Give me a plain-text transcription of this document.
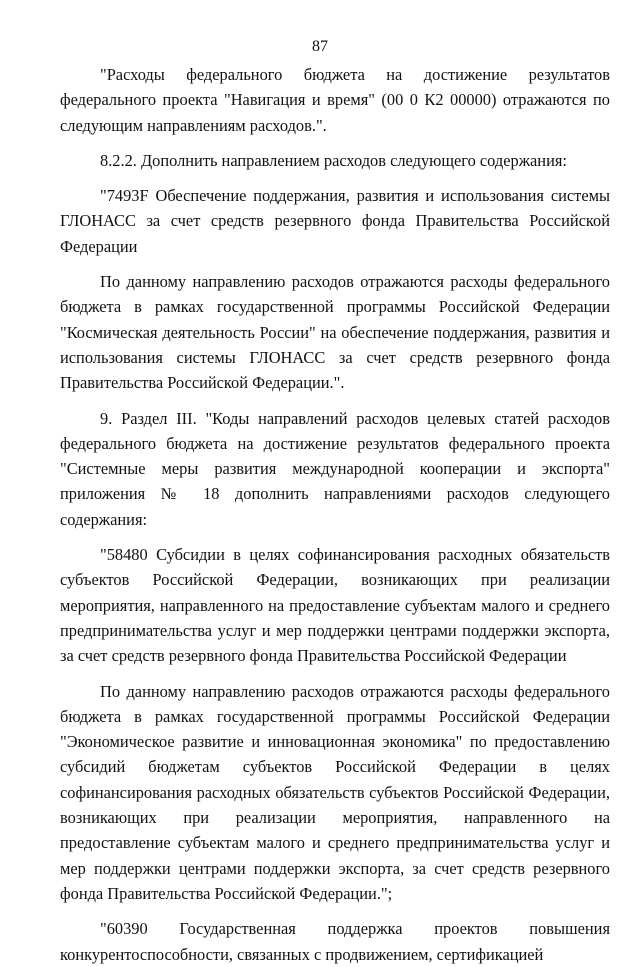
87

"Расходы федерального бюджета на достижение результатов федерального проекта "Навигация и время" (00 0 К2 00000) отражаются по следующим направлениям расходов.".

8.2.2. Дополнить направлением расходов следующего содержания:

"7493F Обеспечение поддержания, развития и использования системы ГЛОНАСС за счет средств резервного фонда Правительства Российской Федерации

По данному направлению расходов отражаются расходы федерального бюджета в рамках государственной программы Российской Федерации "Космическая деятельность России" на обеспечение поддержания, развития и использования системы ГЛОНАСС за счет средств резервного фонда Правительства Российской Федерации.".

9. Раздел III. "Коды направлений расходов целевых статей расходов федерального бюджета на достижение результатов федерального проекта "Системные меры развития международной кооперации и экспорта" приложения № 18 дополнить направлениями расходов следующего содержания:

"58480 Субсидии в целях софинансирования расходных обязательств субъектов Российской Федерации, возникающих при реализации мероприятия, направленного на предоставление субъектам малого и среднего предпринимательства услуг и мер поддержки центрами поддержки экспорта, за счет средств резервного фонда Правительства Российской Федерации

По данному направлению расходов отражаются расходы федерального бюджета в рамках государственной программы Российской Федерации "Экономическое развитие и инновационная экономика" по предоставлению субсидий бюджетам субъектов Российской Федерации в целях софинансирования расходных обязательств субъектов Российской Федерации, возникающих при реализации мероприятия, направленного на предоставление субъектам малого и среднего предпринимательства услуг и мер поддержки центрами поддержки экспорта, за счет средств резервного фонда Правительства Российской Федерации.";

"60390 Государственная поддержка проектов повышения конкурентоспособности, связанных с продвижением, сертификацией
